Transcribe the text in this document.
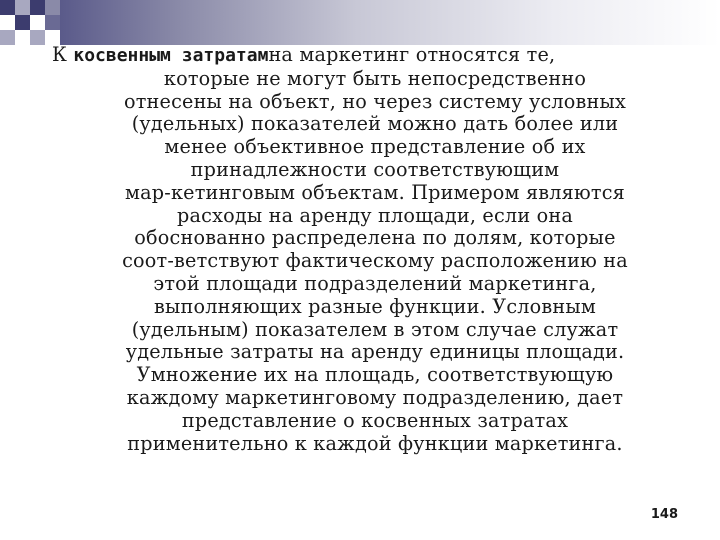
К косвенным затратамна маркетинг относятся те,
которые не могут быть непосредственно
отнесены на объект, но через систему условных
(удельных) показателей можно дать более или
менее объективное представление об их
принадлежности соответствующим
мар-кетинговым объектам. Примером являются
расходы на аренду площади, если она
обоснованно распределена по долям, которые
соот-ветствуют фактическому расположению на
этой площади подразделений маркетинга,
выполняющих разные функции. Условным
(удельным) показателем в этом случае служат
удельные затраты на аренду единицы площади.
Умножение их на площадь, соответствующую
каждому маркетинговому подразделению, дает
представление о косвенных затратах
применительно к каждой функции маркетинга.
148
